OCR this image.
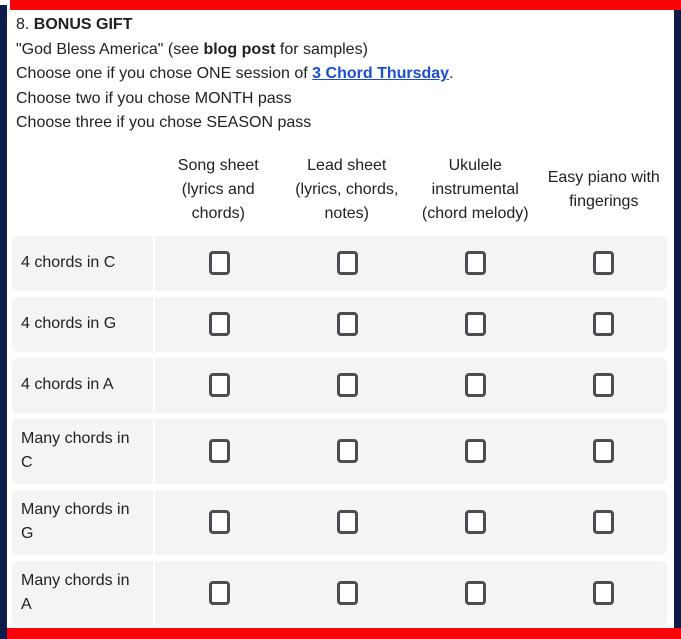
8. BONUS GIFT
"God Bless America" (see blog post for samples)
Choose one if you chose ONE session of 3 Chord Thursday.
Choose two if you chose MONTH pass
Choose three if you chose SEASON pass
Song sheet (lyrics and chords)
Lead sheet (lyrics, chords, notes)
Ukulele instrumental (chord melody)
Easy piano with fingerings
4 chords in C
4 chords in G
4 chords in A
Many chords in C
Many chords in G
Many chords in A
